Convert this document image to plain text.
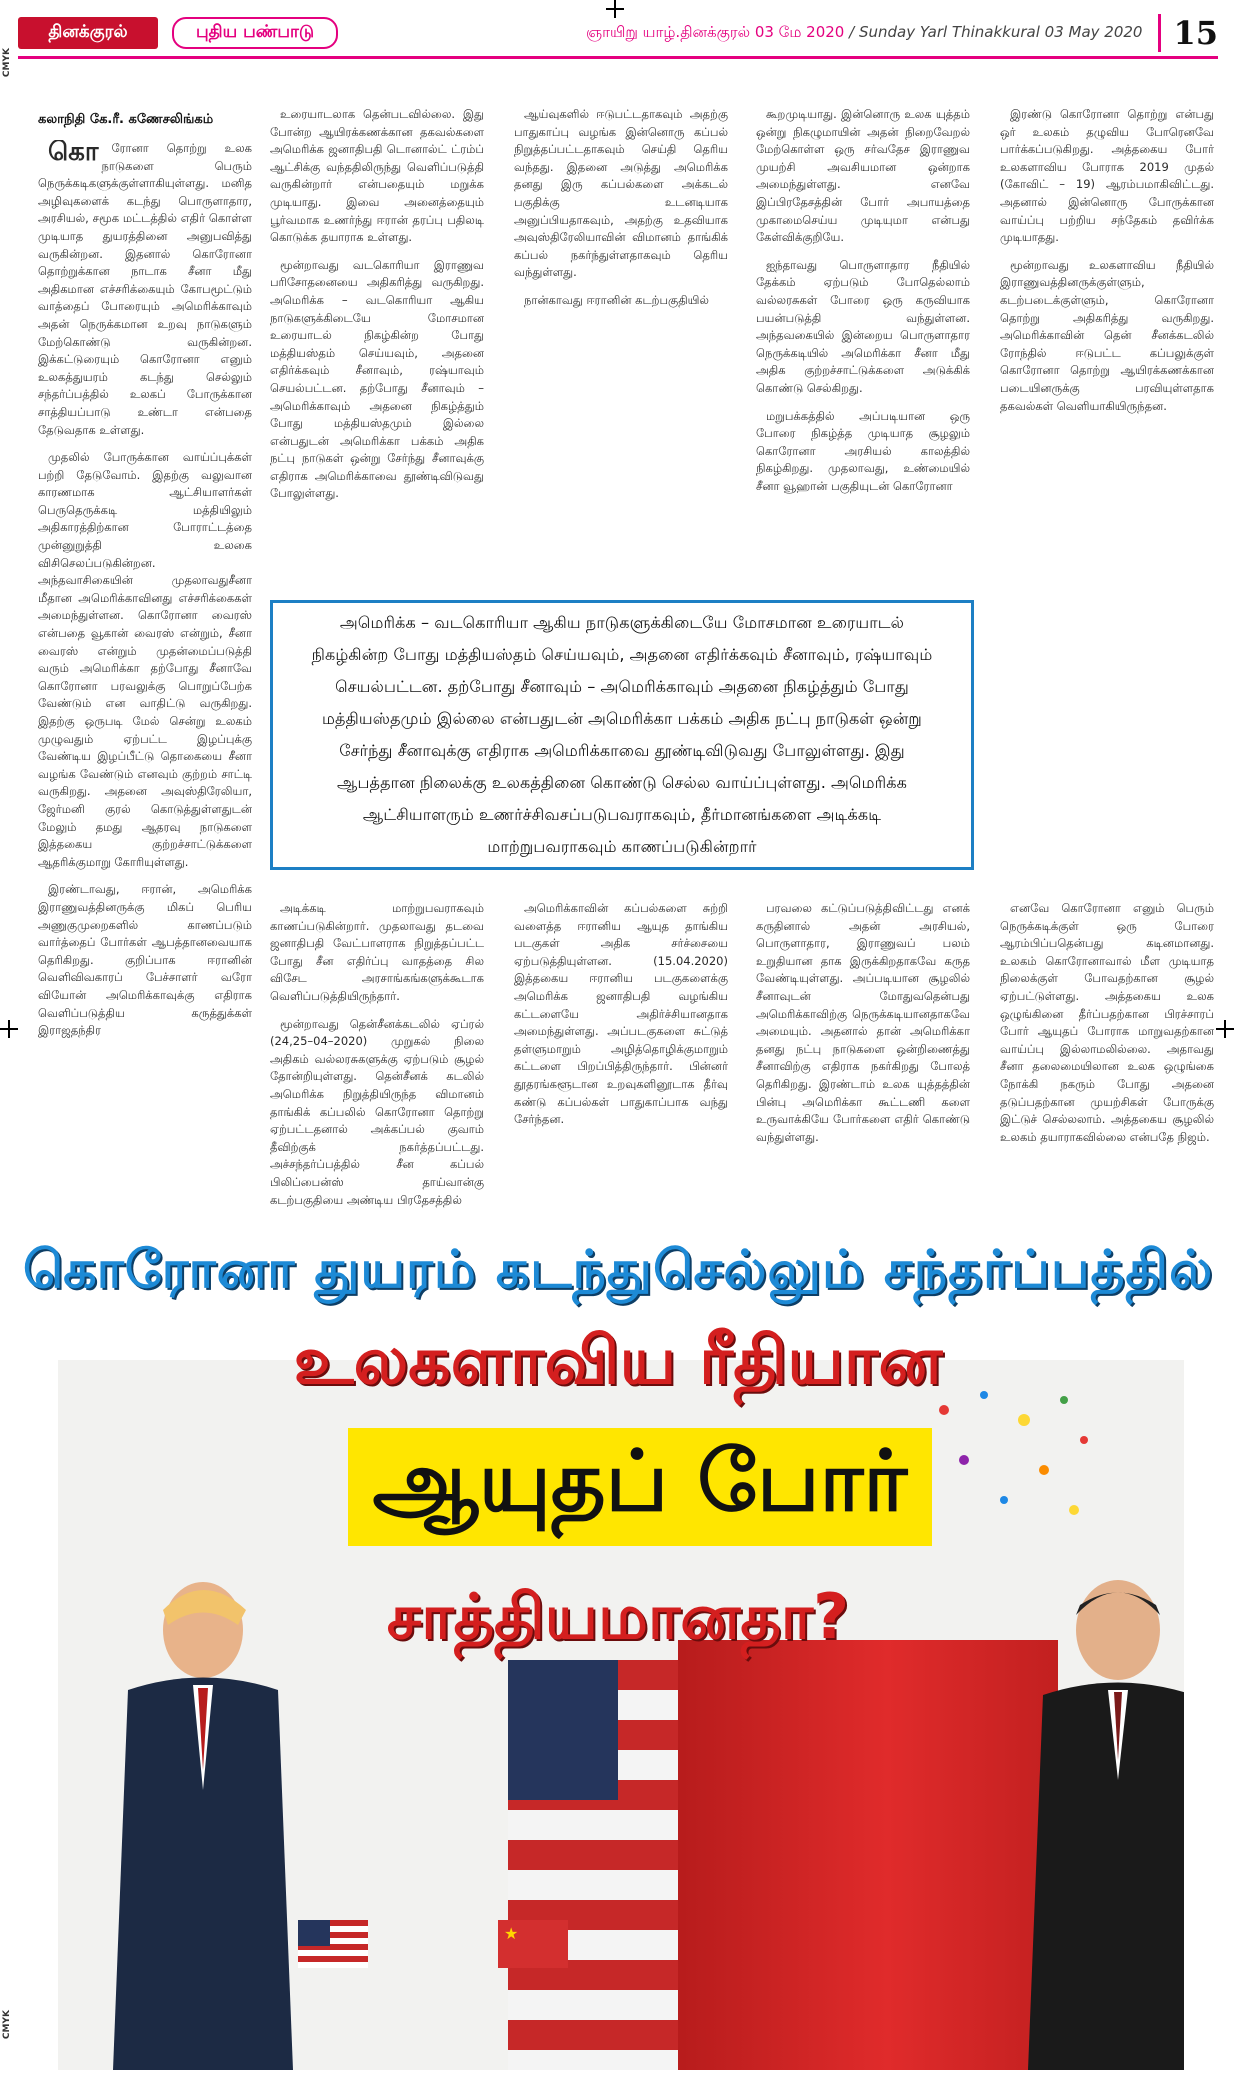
CMYK
CMYK
தினக்குரல்	புதிய பண்பாடு	ஞாயிறு யாழ்.தினக்குரல் 03 மே 2020 / Sunday Yarl Thinakkural 03 May 2020 15
கலாநிதி கே.ரீ. கணேசலிங்கம்

கொரோனா தொற்று உலக நாடுகளை பெரும் நெருக்கடிகளுக்குள்ளாகியுள்ளது. மனித அழிவுகளைக் கடந்து பொருளாதார, அரசியல், சமூக மட்டத்தில் எதிர் கொள்ள முடியாத துயரத்தினை அனுபவித்து வருகின்றன. இதனால் கொரோனா தொற்றுக்கான நாடாக சீனா மீது அதிகமான எச்சரிக்கையும் கோபமூட்டும் வாத்தைப் போரையும் அமெரிக்காவும் அதன் நெருக்கமான உறவு நாடுகளும் மேற்கொண்டு வருகின்றன. இக்கட்டுரையும் கொரோனா எனும் உலகத்துயரம் கடந்து செல்லும் சந்தர்ப்பத்தில் உலகப் போருக்கான சாத்தியப்பாடு உண்டா என்பதை தேடுவதாக உள்ளது.

முதலில் போருக்கான வாய்ப்புக்கள் பற்றி தேடுவோம். இதற்கு வலுவான காரணமாக ஆட்சியாளர்கள் பெருதெருக்கடி மத்தியிலும் அதிகாரத்திற்கான போராட்டத்தை முன்னுறுத்தி உலகை விசிசெலப்படுகின்றன. அந்தவாசிகையின் முதலாவதுசீனா மீதான அமெரிக்காவினது எச்சரிக்கைகள் அமைந்துள்ளன. கொரோனா வைரஸ் என்பதை வூகான் வைரஸ் என்றும், சீனா வைரஸ் என்றும் முதன்மைப்படுத்தி வரும் அமெரிக்கா தற்போது சீனாவே கொரோனா பரவலுக்கு பொறுப்பேற்க வேண்டும் என வாதிட்டு வருகிறது. இதற்கு ஒருபடி மேல் சென்று உலகம் முழுவதும் ஏற்பட்ட இழப்புக்கு வேண்டிய இழப்பீட்டு தொகையை சீனா வழங்க வேண்டும் எனவும் குற்றம் சாட்டி வருகிறது. அதனை அவுஸ்திரேலியா, ஜேர்மனி குரல் கொடுத்துள்ளதுடன் மேலும் தமது ஆதரவு நாடுகளை இத்தகைய குற்றச்சாட்டுக்களை ஆதரிக்குமாறு கோரியுள்ளது.

இரண்டாவது, ஈரான், அமெரிக்க இராணுவத்தினருக்கு மிகப் பெரிய அணுகுமுறைகளில் காணப்படும் வார்த்தைப் போர்கள் ஆபத்தானவையாக தெரிகிறது. குறிப்பாக ஈரானின் வெளிவிவகாரப் பேச்சாளர் வரோ வியோன் அமெரிக்காவுக்கு எதிராக வெளிப்படுத்திய கருத்துக்கள் இராஜதந்திர

உரையாடலாக தென்படவில்லை. இது போன்ற ஆயிரக்கணக்கான தகவல்களை அமெரிக்க ஜனாதிபதி டொனால்ட் ட்ரம்ப் ஆட்சிக்கு வந்ததிலிருந்து வெளிப்படுத்தி வருகின்றார் என்பதையும் மறுக்க முடியாது. இவை அனைத்தையும் பூர்வமாக உணர்ந்து ஈரான் தரப்பு பதிலடி கொடுக்க தயாராக உள்ளது.

மூன்றாவது வடகொரியா இராணுவ பரிசோதனையை அதிகரித்து வருகிறது. அமெரிக்க – வடகொரியா ஆகிய நாடுகளுக்கிடையே மோசமான உரையாடல் நிகழ்கின்ற போது மத்தியஸ்தம் செய்யவும், அதனை எதிர்க்கவும் சீனாவும், ரஷ்யாவும் செயல்பட்டன. தற்போது சீனாவும் – அமெரிக்காவும் அதனை நிகழ்த்தும் போது மத்தியஸ்தமும் இல்லை என்பதுடன் அமெரிக்கா பக்கம் அதிக நட்பு நாடுகள் ஒன்று சேர்ந்து சீனாவுக்கு எதிராக அமெரிக்காவை தூண்டிவிடுவது போலுள்ளது.

ஆய்வுகளில் ஈடுபட்டதாகவும் அதற்கு பாதுகாப்பு வழங்க இன்னொரு கப்பல் நிறுத்தப்பட்டதாகவும் செய்தி தெரிய வந்தது. இதனை அடுத்து அமெரிக்க தனது இரு கப்பல்களை அக்கடல் பகுதிக்கு உடனடியாக அனுப்பியதாகவும், அதற்கு உதவியாக அவுஸ்திரேலியாவின் விமானம் தாங்கிக் கப்பல் நகர்ந்துள்ளதாகவும் தெரிய வந்துள்ளது.

நான்காவது ஈரானின் கடற்பகுதியில்

கூறமுடியாது. இன்னொரு உலக யுத்தம் ஒன்று நிகழுமாயின் அதன் நிறைவேறல் மேற்கொள்ள ஒரு சர்வதேச இராணுவ முயற்சி அவசியமான ஒன்றாக அமைந்துள்ளது. எனவே இப்பிரதேசத்தின் போர் அபாயத்தை முகாமைசெய்ய முடியுமா என்பது கேள்விக்குறியே.

ஐந்தாவது பொருளாதார நீதியில் தேக்கம் ஏற்படும் போதெல்லாம் வல்லரசுகள் போரை ஒரு கருவியாக பயன்படுத்தி வந்துள்ளன. அந்தவகையில் இன்றைய பொருளாதார நெருக்கடியில் அமெரிக்கா சீனா மீது அதிக குற்றச்சாட்டுக்களை அடுக்கிக் கொண்டு செல்கிறது.

மறுபக்கத்தில் அப்படியான ஒரு போரை நிகழ்த்த முடியாத சூழலும் கொரோனா அரசியல் காலத்தில் நிகழ்கிறது. முதலாவது, உண்மையில் சீனா வூஹான் பகுதியுடன் கொரோனா

இரண்டு கொரோனா தொற்று என்பது ஒர் உலகம் தழுவிய போரெனவே பார்க்கப்படுகிறது. அத்தகைய போர் உலகளாவிய போராக 2019 முதல் (கோவிட் – 19) ஆரம்பமாகிவிட்டது. அதனால் இன்னொரு போருக்கான வாய்ப்பு பற்றிய சந்தேகம் தவிர்க்க முடியாதது.

மூன்றாவது உலகளாவிய நீதியில் இராணுவத்தினருக்குள்ளும், கடற்படைக்குள்ளும், கொரோனா தொற்று அதிகரித்து வருகிறது. அமெரிக்காவின் தென் சீனக்கடலில் ரோந்தில் ஈடுபட்ட கப்பலுக்குள் கொரோனா தொற்று ஆயிரக்கணக்கான படையினருக்கு பரவியுள்ளதாக தகவல்கள் வெளியாகியிருந்தன.

அமெரிக்க – வடகொரியா ஆகிய நாடுகளுக்கிடையே மோசமான உரையாடல் நிகழ்கின்ற போது மத்தியஸ்தம் செய்யவும், அதனை எதிர்க்கவும் சீனாவும், ரஷ்யாவும் செயல்பட்டன. தற்போது சீனாவும் – அமெரிக்காவும் அதனை நிகழ்த்தும் போது மத்தியஸ்தமும் இல்லை என்பதுடன் அமெரிக்கா பக்கம் அதிக நட்பு நாடுகள் ஒன்று சேர்ந்து சீனாவுக்கு எதிராக அமெரிக்காவை தூண்டிவிடுவது போலுள்ளது. இது ஆபத்தான நிலைக்கு உலகத்தினை கொண்டு செல்ல வாய்ப்புள்ளது. அமெரிக்க ஆட்சியாளரும் உணர்ச்சிவசப்படுபவராகவும், தீர்மானங்களை அடிக்கடி மாற்றுபவராகவும் காணப்படுகின்றார்

அடிக்கடி மாற்றுபவராகவும் காணப்படுகின்றார். முதலாவது தடவை ஜனாதிபதி வேட்பாளராக நிறுத்தப்பட்ட போது சீன எதிர்ப்பு வாதத்தை சில விசேட அரசாங்கங்களுக்கூடாக வெளிப்படுத்தியிருந்தார்.

மூன்றாவது தென்சீனக்கடலில் ஏப்ரல் (24,25–04–2020) முறுகல் நிலை அதிகம் வல்லரசுகளுக்கு ஏற்படும் சூழல் தோன்றியுள்ளது. தென்சீனக் கடலில் அமெரிக்க நிறுத்தியிருந்த விமானம் தாங்கிக் கப்பலில் கொரோனா தொற்று ஏற்பட்டதனால் அக்கப்பல் குவாம் தீவிற்குக் நகர்த்தப்பட்டது. அச்சந்தர்ப்பத்தில் சீன கப்பல் பிலிப்பைன்ஸ் தாய்வான்கு கடற்பகுதியை அண்டிய பிரதேசத்தில்

அமெரிக்காவின் கப்பல்களை சுற்றி வளைத்த ஈரானிய ஆயுத தாங்கிய படகுகள் அதிக சர்ச்சையை ஏற்படுத்தியுள்ளன. (15.04.2020) இத்தகைய ஈரானிய படகுகளைக்கு அமெரிக்க ஜனாதிபதி வழங்கிய கட்டளையே அதிர்ச்சியானதாக அமைந்துள்ளது. அப்படகுகளை சுட்டுத் தள்ளுமாறும் அழித்தொழிக்குமாறும் கட்டளை பிறப்பித்திருந்தார். பின்னர் தூதரங்களூடான உறவுகளினூடாக தீர்வு கண்டு கப்பல்கள் பாதுகாப்பாக வந்து சேர்ந்தன.

பரவலை கட்டுப்படுத்திவிட்டது எனக் கருதினால் அதன் அரசியல், பொருளாதார, இராணுவப் பலம் உறுதியான தாக இருக்கிறதாகவே கருத வேண்டியுள்ளது. அப்படியான சூழலில் சீனாவுடன் மோதுவதென்பது அமெரிக்காவிற்கு நெருக்கடியானதாகவே அமையும். அதனால் தான் அமெரிக்கா தனது நட்பு நாடுகளை ஒன்றிணைத்து சீனாவிற்கு எதிராக நகர்கிறது போலத் தெரிகிறது. இரண்டாம் உலக யுத்தத்தின் பின்பு அமெரிக்கா கூட்டணி களை உருவாக்கியே போர்களை எதிர் கொண்டு வந்துள்ளது.

எனவே கொரோனா எனும் பெரும் நெருக்கடிக்குள் ஒரு போரை ஆரம்பிப்பதென்பது கடினமானது. உலகம் கொரோனாவால் மீள முடியாத நிலைக்குள் போவதற்கான சூழல் ஏற்பட்டுள்ளது. அத்தகைய உலக ஒழுங்கினை தீர்ப்பதற்கான பிரச்சாரப் போர் ஆயுதப் போராக மாறுவதற்கான வாய்ப்பு இல்லாமலில்லை. அதாவது சீனா தலைமையிலான உலக ஒழுங்கை நோக்கி நகரும் போது அதனை தடுப்பதற்கான முயற்சிகள் போருக்கு இட்டுச் செல்லலாம். அத்தகைய சூழலில் உலகம் தயாராகவில்லை என்பதே நிஜம்.

★
கொரோனா துயரம் கடந்துசெல்லும் சந்தர்ப்பத்தில்
உலகளாவிய ரீதியான
ஆயுதப் போர்
சாத்தியமானதா?
